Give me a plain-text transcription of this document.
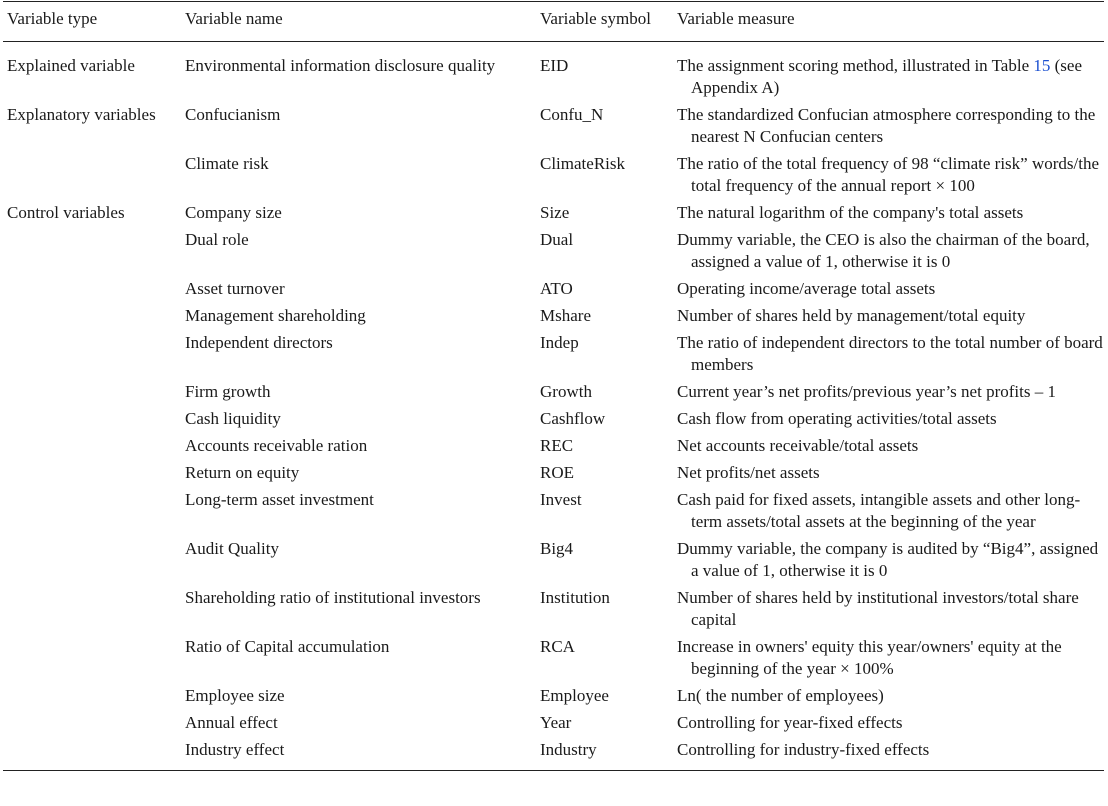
Variable type	Variable name	Variable symbol	Variable measure
Explained variable	Environmental information disclosure quality	EID	The assignment scoring method, illustrated in Table 15 (see Appendix A)

Explanatory variables	Confucianism	Confu_N	The standardized Confucian atmosphere corresponding to the nearest N Confucian centers

	Climate risk	ClimateRisk	The ratio of the total frequency of 98 “climate risk” words/the total frequency of the annual report × 100

Control variables	Company size	Size	The natural logarithm of the company's total assets

	Dual role	Dual	Dummy variable, the CEO is also the chairman of the board, assigned a value of 1, otherwise it is 0

	Asset turnover	ATO	Operating income/average total assets

	Management shareholding	Mshare	Number of shares held by management/total equity

	Independent directors	Indep	The ratio of independent directors to the total number of board members

	Firm growth	Growth	Current year’s net profits/previous year’s net profits – 1

	Cash liquidity	Cashflow	Cash flow from operating activities/total assets

	Accounts receivable ration	REC	Net accounts receivable/total assets

	Return on equity	ROE	Net profits/net assets

	Long-term asset investment	Invest	Cash paid for fixed assets, intangible assets and other long-term assets/total assets at the beginning of the year

	Audit Quality	Big4	Dummy variable, the company is audited by “Big4”, assigned a value of 1, otherwise it is 0

	Shareholding ratio of institutional investors	Institution	Number of shares held by institutional investors/total share capital

	Ratio of Capital accumulation	RCA	Increase in owners' equity this year/owners' equity at the beginning of the year × 100%

	Employee size	Employee	Ln( the number of employees)

	Annual effect	Year	Controlling for year-fixed effects

	Industry effect	Industry	Controlling for industry-fixed effects
